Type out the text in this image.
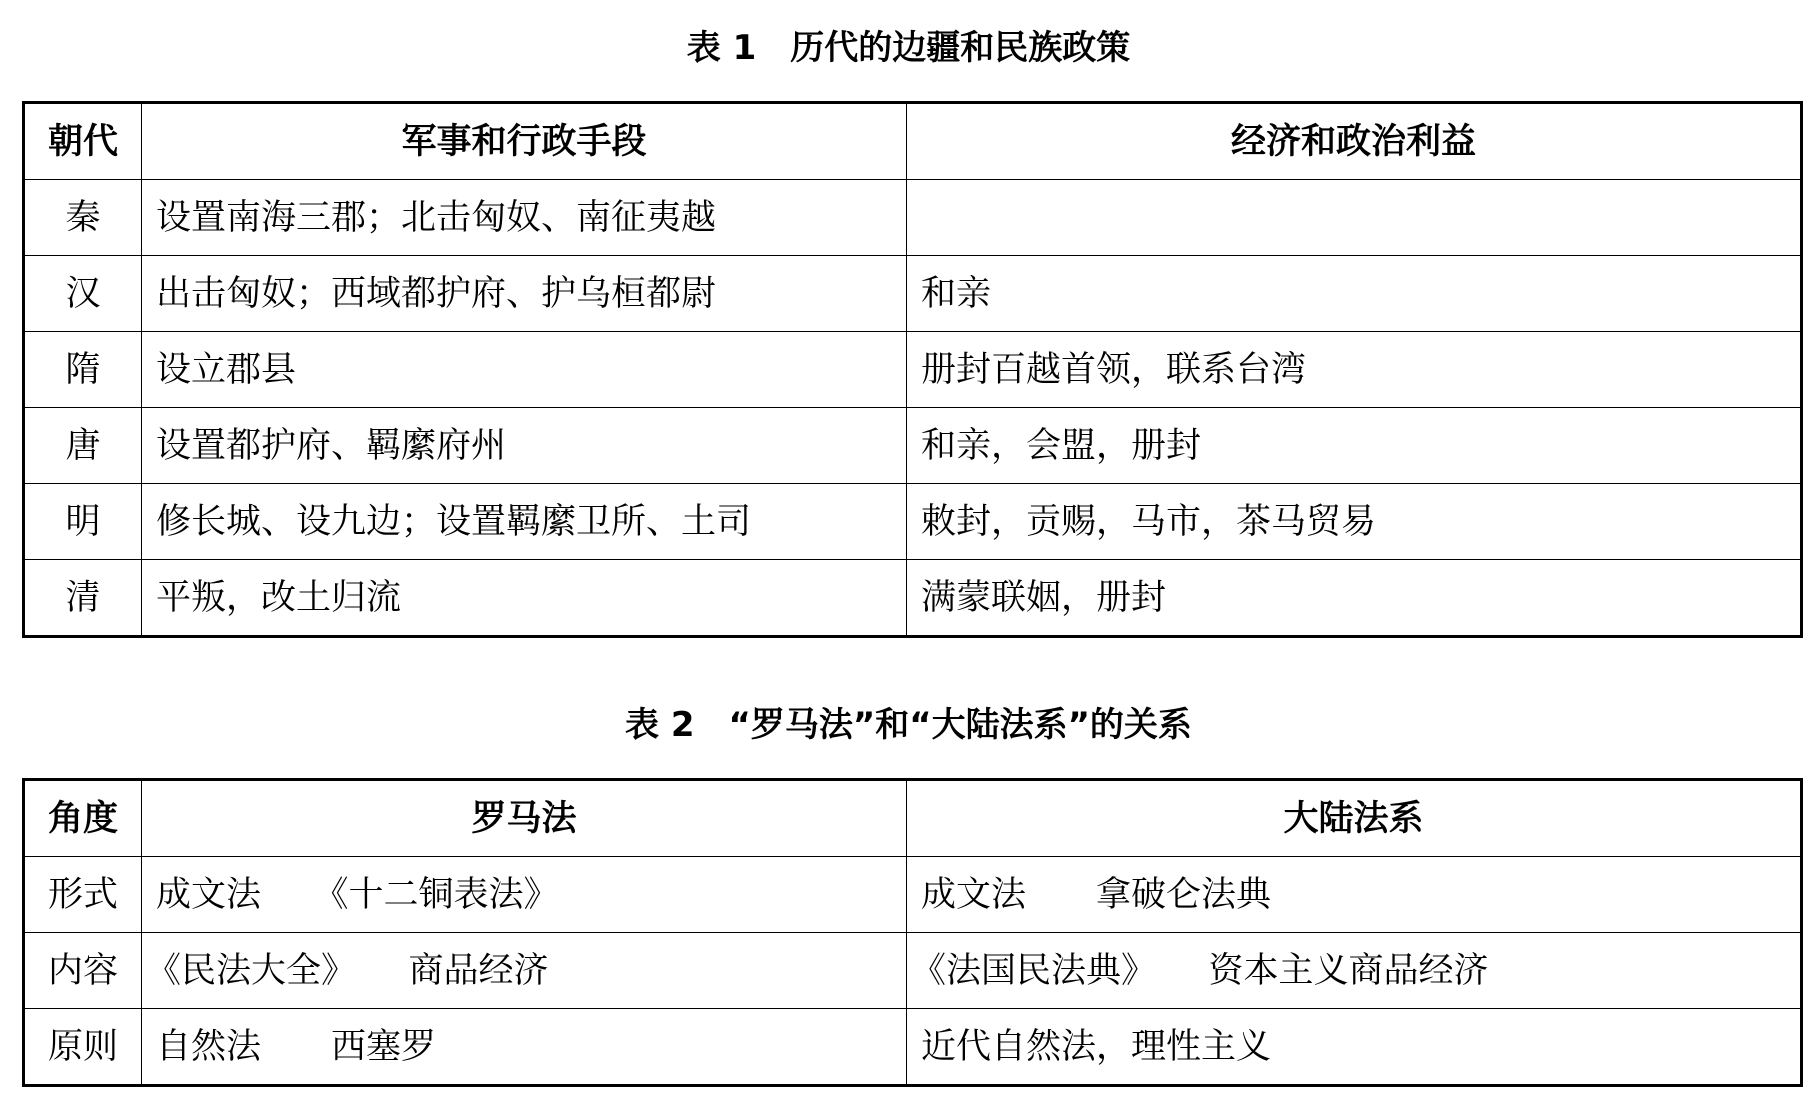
表 1　历代的边疆和民族政策
朝代	军事和行政手段	经济和政治利益
秦	设置南海三郡；北击匈奴、南征夷越	
汉	出击匈奴；西域都护府、护乌桓都尉	和亲
隋	设立郡县	册封百越首领，联系台湾
唐	设置都护府、羁縻府州	和亲，会盟，册封
明	修长城、设九边；设置羁縻卫所、土司	敕封，贡赐，马市，茶马贸易
清	平叛，改土归流	满蒙联姻，册封
表 2　“罗马法”和“大陆法系”的关系
角度	罗马法	大陆法系
形式	成文法　　《十二铜表法》	成文法　　拿破仑法典
内容	《民法大全》　　商品经济	《法国民法典》　　资本主义商品经济
原则	自然法　　西塞罗	近代自然法，理性主义
